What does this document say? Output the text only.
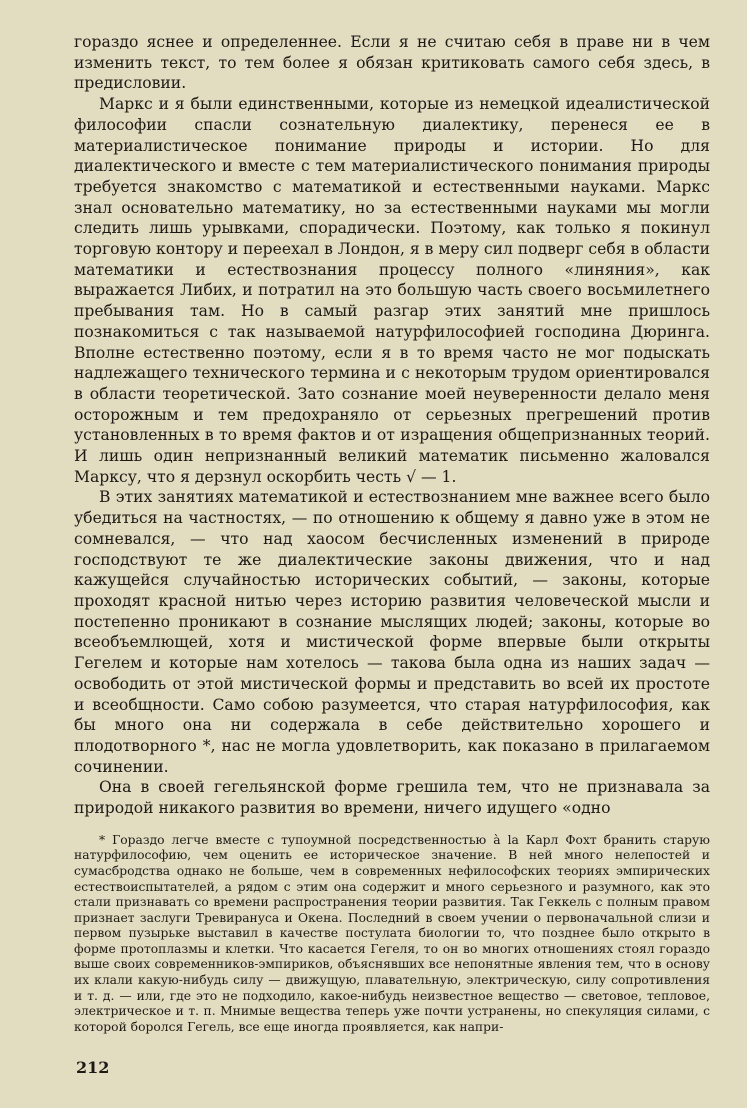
гораздо яснее и определеннее. Если я не считаю себя в праве ни в чем изменить текст, то тем более я обязан критиковать самого себя здесь, в предисловии.

Маркс и я были единственными, которые из немецкой идеалистической философии спасли сознательную диалектику, перенеся ее в материалистическое понимание природы и истории. Но для диалектического и вместе с тем материалистического понимания природы требуется знакомство с математикой и естественными науками. Маркс знал основательно математику, но за естественными науками мы могли следить лишь урывками, спорадически. Поэтому, как только я покинул торговую контору и переехал в Лондон, я в меру сил подверг себя в области математики и естествознания процессу полного «линяния», как выражается Либих, и потратил на это большую часть своего восьмилетнего пребывания там. Но в самый разгар этих занятий мне пришлось познакомиться с так называемой натурфилософией господина Дюринга. Вполне естественно поэтому, если я в то время часто не мог подыскать надлежащего технического термина и с некоторым трудом ориентировался в области теоретической. Зато сознание моей неуверенности делало меня осторожным и тем предохраняло от серьезных прегрешений против установленных в то время фактов и от изращения общепризнанных теорий. И лишь один непризнанный великий математик письменно жаловался Марксу, что я дерзнул оскорбить честь √ — 1.

В этих занятиях математикой и естествознанием мне важнее всего было убедиться на частностях, — по отношению к общему я давно уже в этом не сомневался, — что над хаосом бесчисленных изменений в природе господствуют те же диалектические законы движения, что и над кажущейся случайностью исторических событий, — законы, которые проходят красной нитью через историю развития человеческой мысли и постепенно проникают в сознание мыслящих людей; законы, которые во всеобъемлющей, хотя и мистической форме впервые были открыты Гегелем и которые нам хотелось — такова была одна из наших задач — освободить от этой мистической формы и представить во всей их простоте и всеобщности. Само собою разумеется, что старая натурфилософия, как бы много она ни содержала в себе действительно хорошего и плодотворного *, нас не могла удовлетворить, как показано в прилагаемом сочинении.

Она в своей гегельянской форме грешила тем, что не признавала за природой никакого развития во времени, ничего идущего «одно

* Гораздо легче вместе с тупоумной посредственностью à la Карл Фохт бранить старую натурфилософию, чем оценить ее историческое значение. В ней много нелепостей и сумасбродства однако не больше, чем в современных нефилософских теориях эмпирических естествоиспытателей, а рядом с этим она содержит и много серьезного и разумного, как это стали признавать со времени распространения теории развития. Так Геккель с полным правом признает заслуги Тревирануса и Окена. Последний в своем учении о первоначальной слизи и первом пузырьке выставил в качестве постулата биологии то, что позднее было открыто в форме протоплазмы и клетки. Что касается Гегеля, то он во многих отношениях стоял гораздо выше своих современников-эмпириков, объяснявших все непонятные явления тем, что в основу их клали какую-нибудь силу — движущую, плавательную, электрическую, силу сопротивления и т. д. — или, где это не подходило, какое-нибудь неизвестное вещество — световое, тепловое, электрическое и т. п. Мнимые вещества теперь уже почти устранены, но спекуляция силами, с которой боролся Гегель, все еще иногда проявляется, как напри-
212
